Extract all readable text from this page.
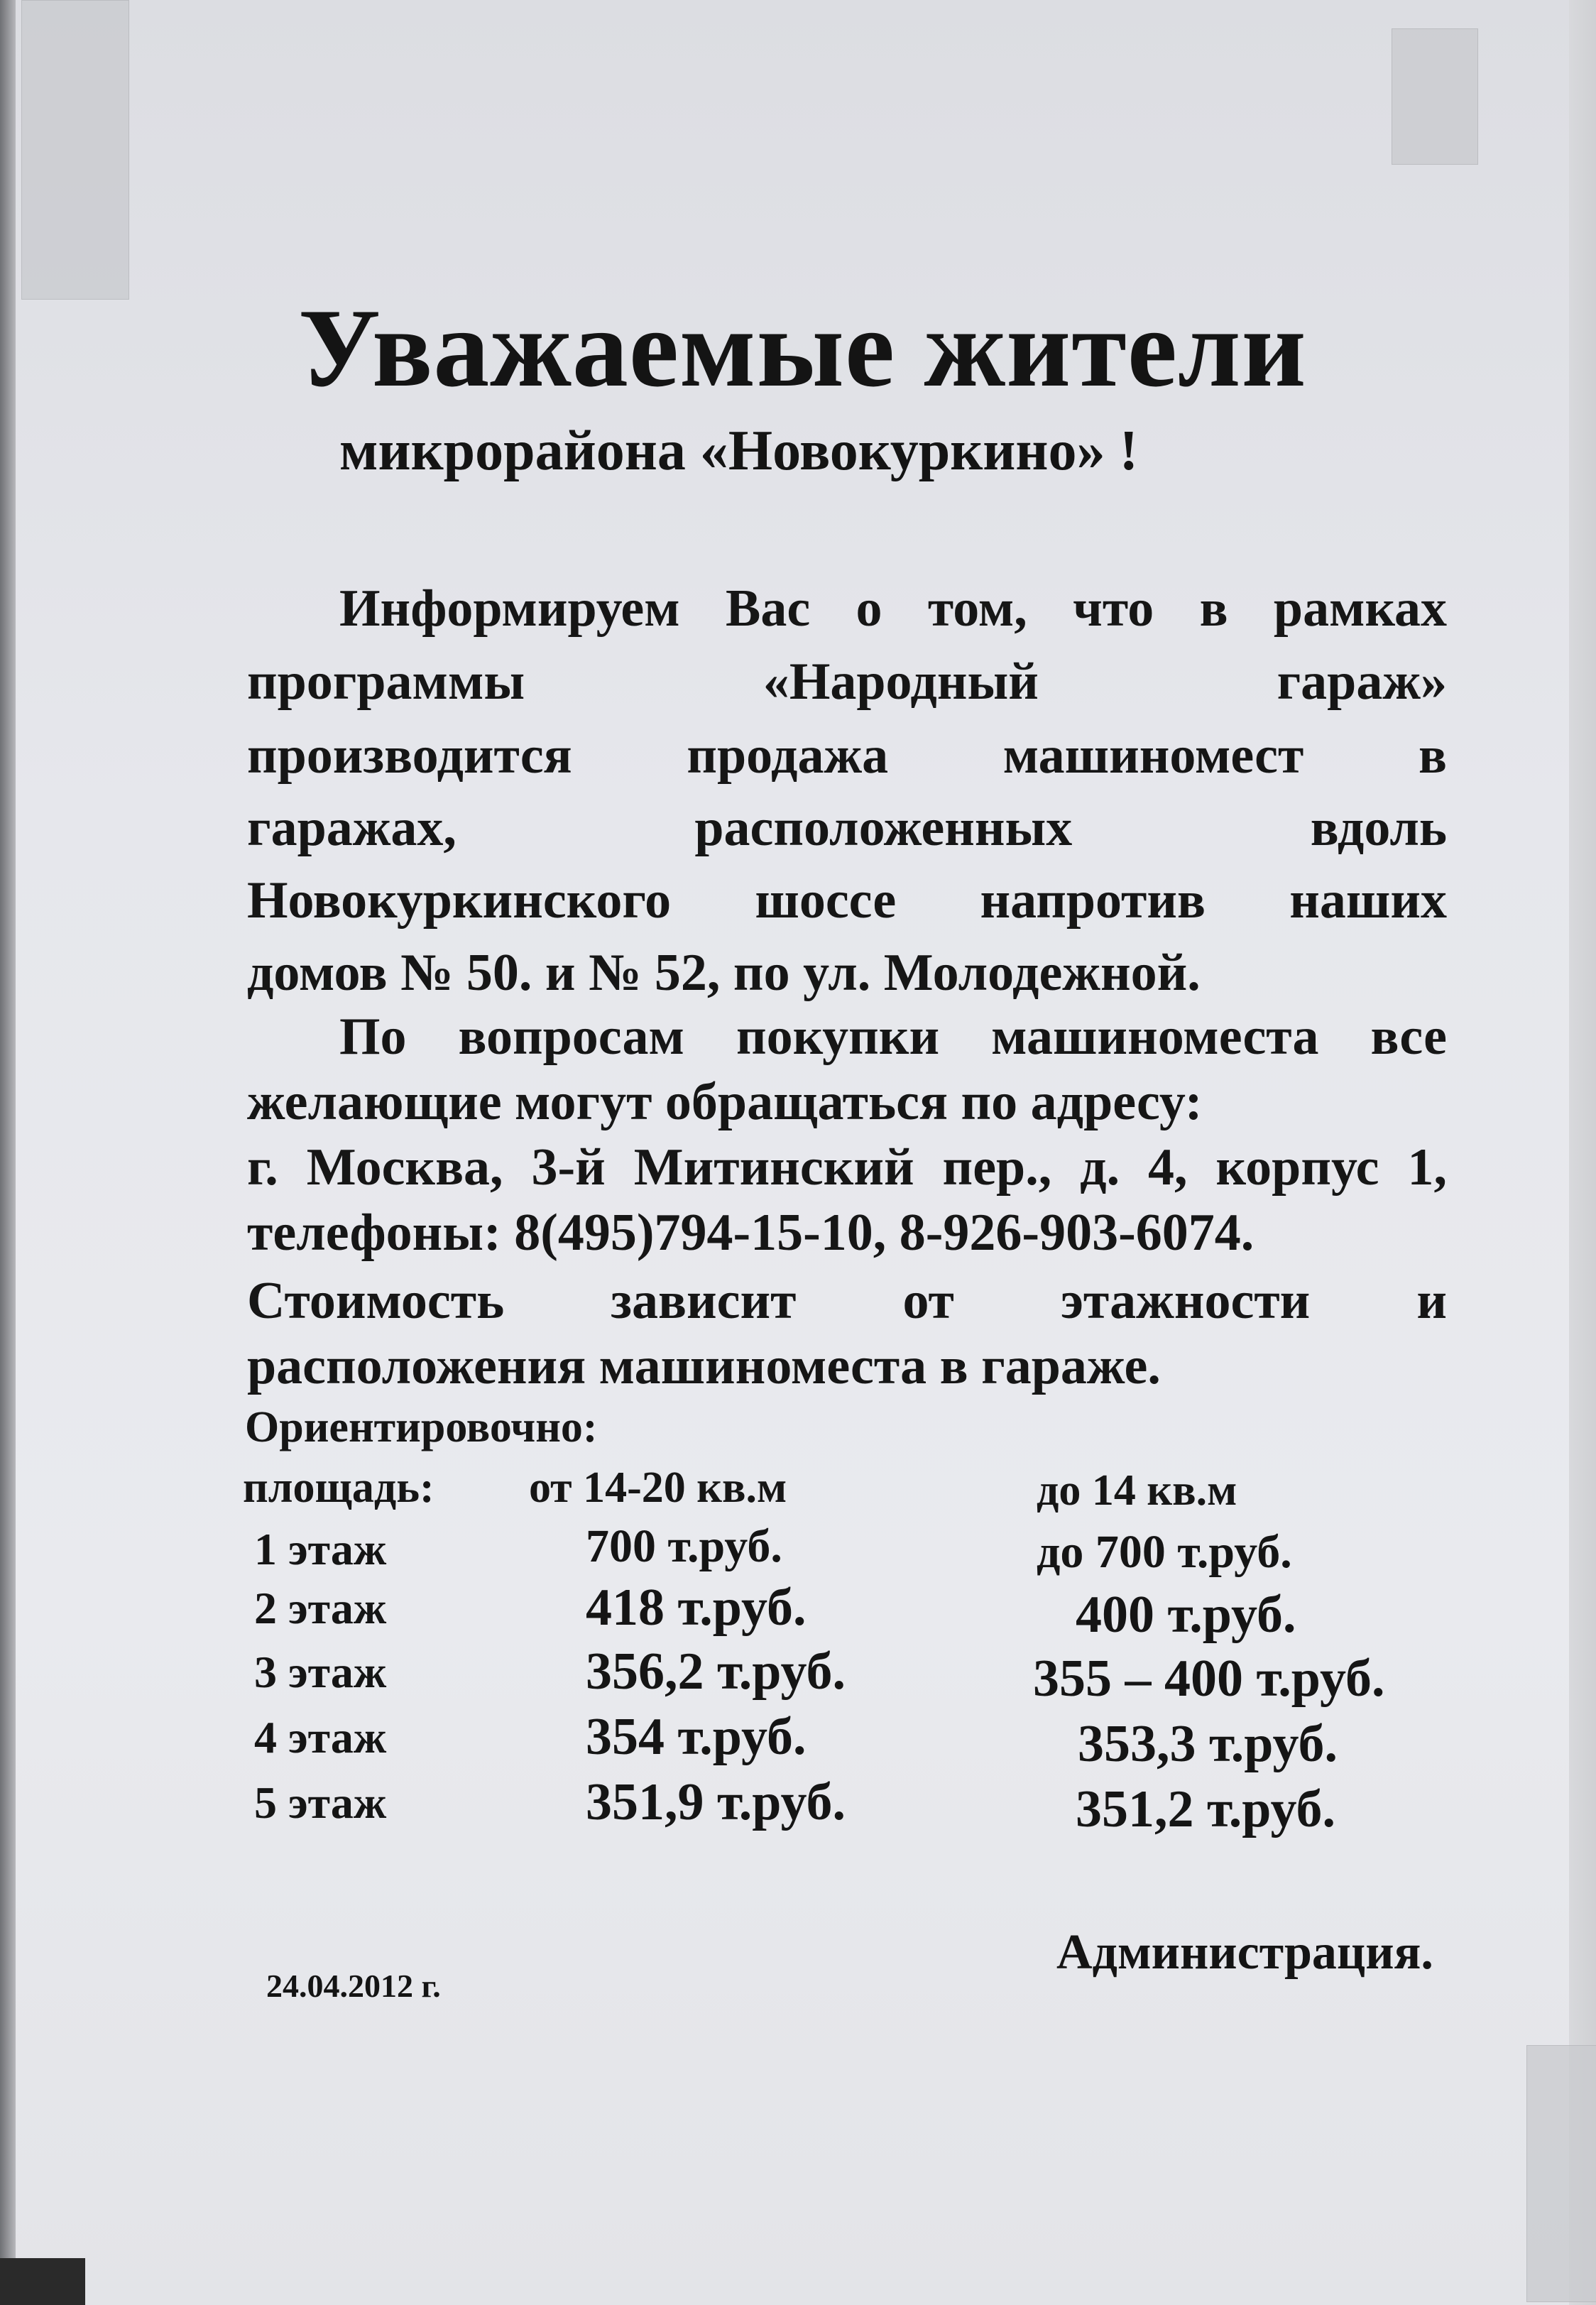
Уважаемые жители
микрорайона «Новокуркино» !
Информируем Вас о том, что в рамках
программы «Народный гараж»
производится продажа машиномест в
гаражах, расположенных вдоль
Новокуркинского шоссе напротив наших
домов № 50. и № 52, по ул. Молодежной.
По вопросам покупки машиноместа все
желающие могут обращаться по адресу:
г. Москва, 3-й Митинский пер., д. 4, корпус 1,
телефоны: 8(495)794-15-10, 8-926-903-6074.
Стоимость зависит от этажности и
расположения машиноместа в гараже.
Ориентировочно:
площадь: от 14-20 кв.м	до 14 кв.м
1 этаж	700 т.руб.	до 700 т.руб.
2 этаж	418 т.руб.	400 т.руб.
3 этаж	356,2 т.руб.	355 – 400 т.руб.
4 этаж	354 т.руб.	353,3 т.руб.
5 этаж	351,9 т.руб.	351,2 т.руб.
Администрация.
24.04.2012 г.
